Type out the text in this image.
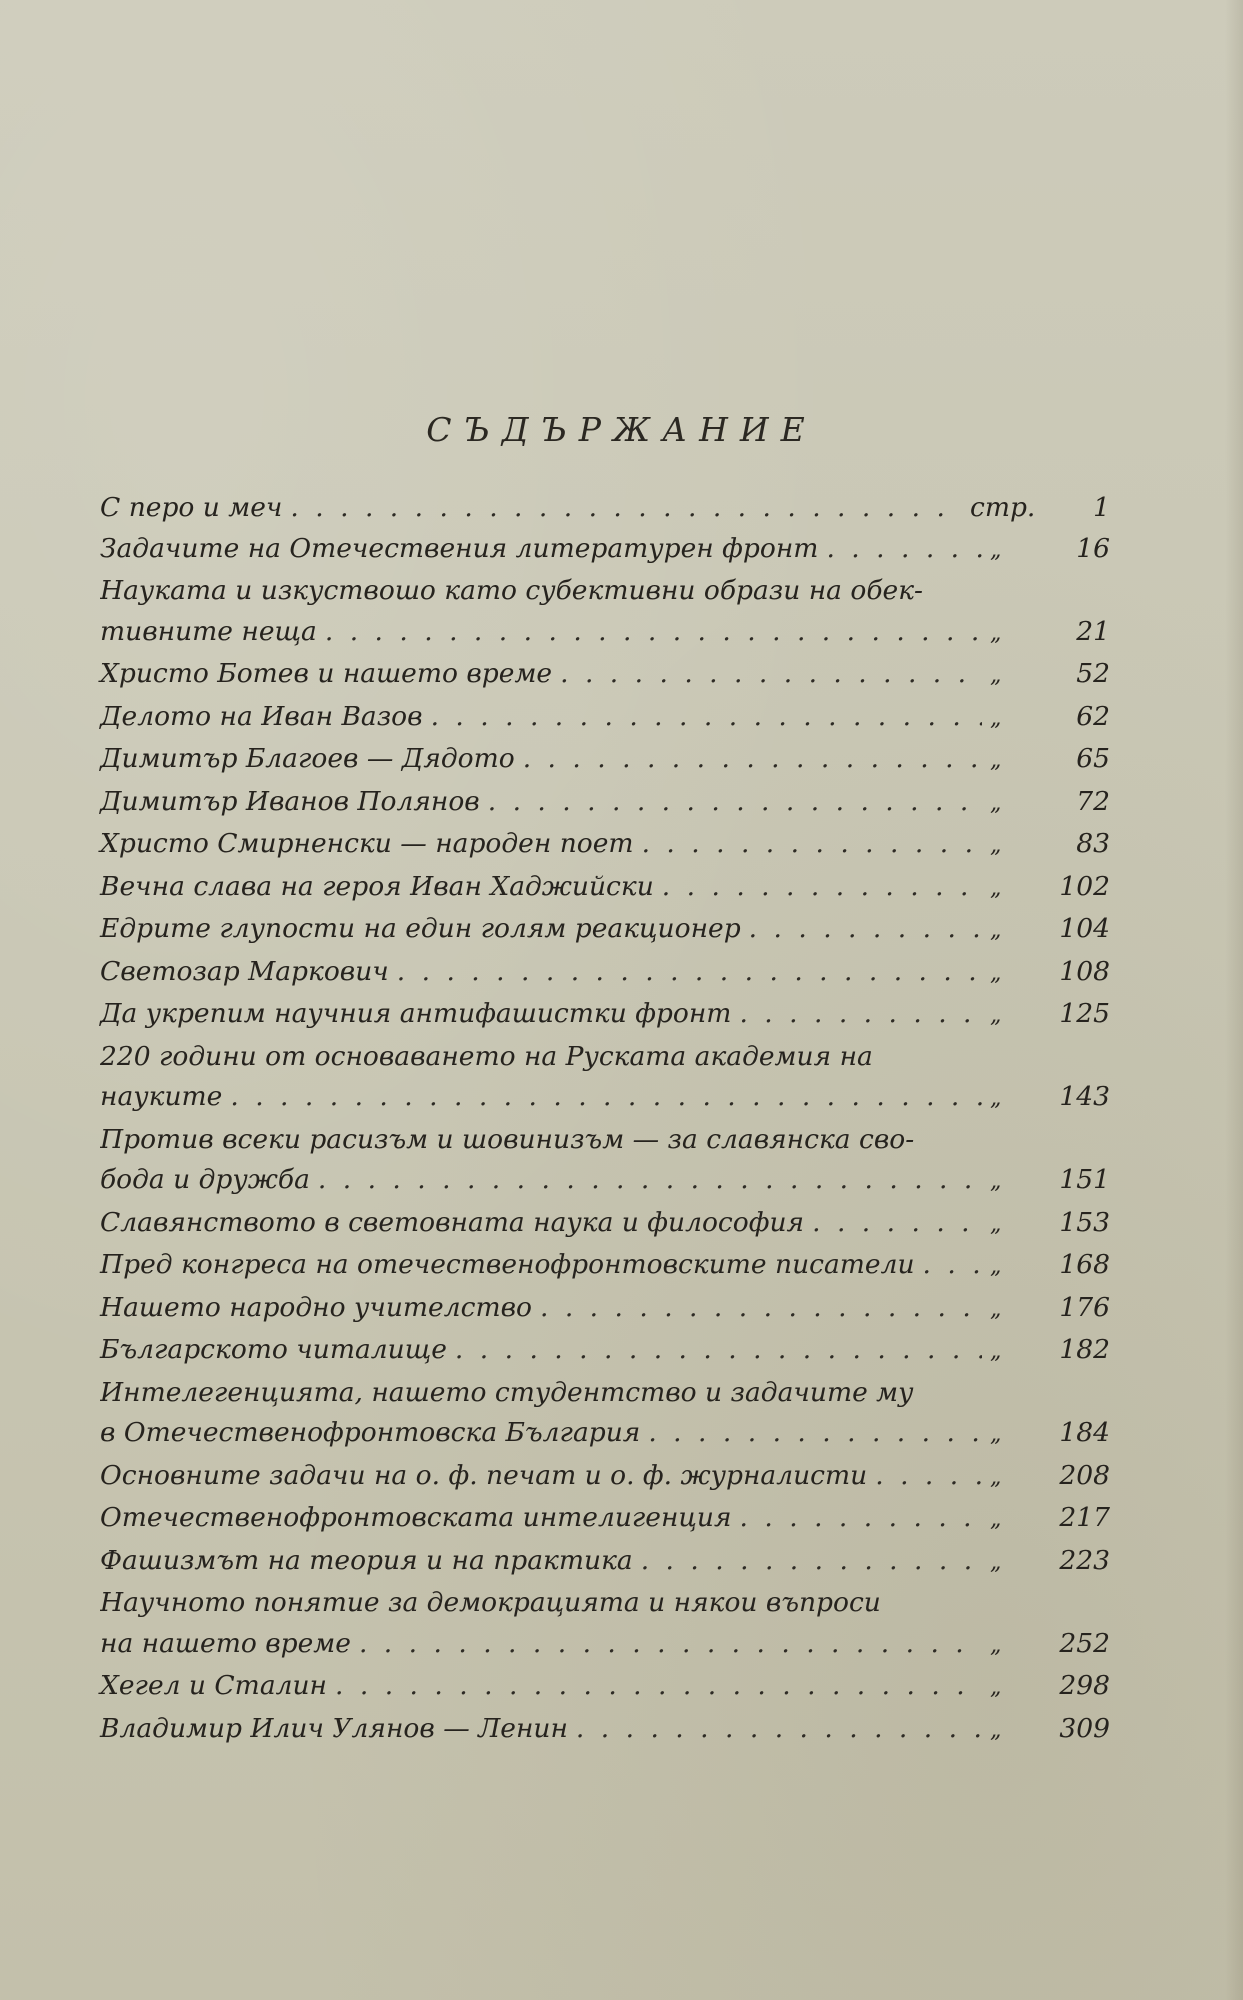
СЪДЪРЖАНИЕ
С перо и меч . . .	стр.	1
Задачите на Отечествения литературен фронт . . .	„	16
Науката и изкуствошо като субективни образи на обек-
тивните неща . . .	„	21
Христо Ботев и нашето време . . .	„	52
Делото на Иван Вазов . . .	„	62
Димитър Благоев — Дядото . . .	„	65
Димитър Иванов Полянов . . .	„	72
Христо Смирненски — народен поет . . .	„	83
Вечна слава на героя Иван Хаджийски . . .	„	102
Едрите глупости на един голям реакционер . . .	„	104
Светозар Маркович . . .	„	108
Да укрепим научния антифашистки фронт . . .	„	125
220 години от основаването на Руската академия на
науките . . .	„	143
Против всеки расизъм и шовинизъм — за славянска сво-
бода и дружба . . .	„	151
Славянството в световната наука и философия . . .	„	153
Пред конгреса на отечественофронтовските писатели . . .	„	168
Нашето народно учителство . . .	„	176
Българското читалище . . .	„	182
Интелегенцията, нашето студентство и задачите му
в Отечественофронтовска България . . .	„	184
Основните задачи на о. ф. печат и о. ф. журналисти . . .	„	208
Отечественофронтовската интелигенция . . .	„	217
Фашизмът на теория и на практика . . .	„	223
Научното понятие за демокрацията и някои въпроси
на нашето време . . .	„	252
Хегел и Сталин . . .	„	298
Владимир Илич Улянов — Ленин . . .	„	309
